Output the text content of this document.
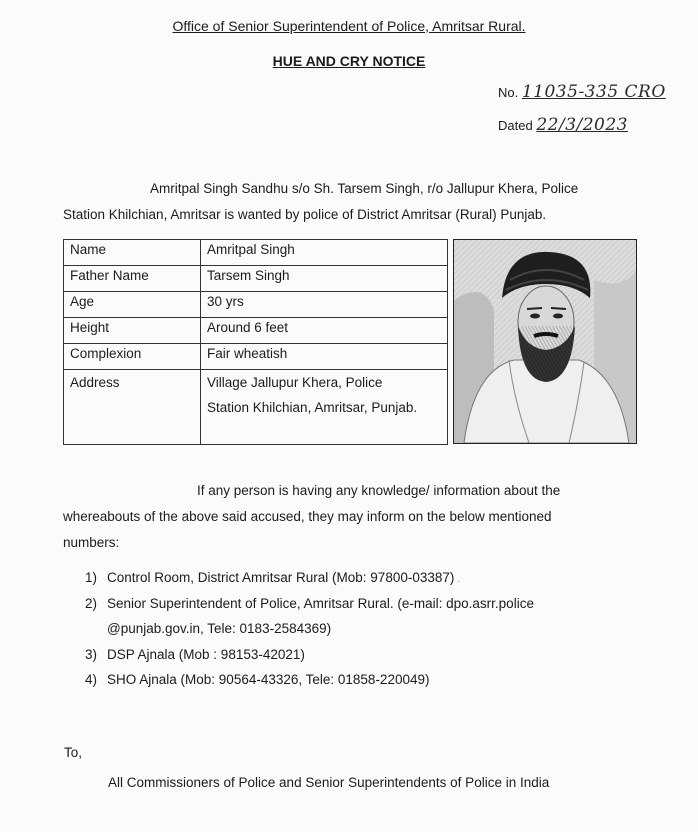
Office of Senior Superintendent of Police, Amritsar Rural.
HUE AND CRY NOTICE
No. 11035-335 CRO
Dated 22/3/2023
Amritpal Singh Sandhu s/o Sh. Tarsem Singh, r/o Jallupur Khera, Police
Station Khilchian, Amritsar is wanted by police of District Amritsar (Rural) Punjab.
Name	Amritpal Singh
Father Name	Tarsem Singh
Age	30 yrs
Height	Around 6 feet
Complexion	Fair wheatish
Address	Village Jallupur Khera, Police
Station Khilchian, Amritsar, Punjab.
If any person is having any knowledge/ information about the
whereabouts of the above said accused, they may inform on the below mentioned
numbers:
1) Control Room, District Amritsar Rural (Mob: 97800-03387) .
2) Senior Superintendent of Police, Amritsar Rural. (e-mail: dpo.asrr.police
@punjab.gov.in, Tele: 0183-2584369)
3) DSP Ajnala (Mob : 98153-42021)
4) SHO Ajnala (Mob: 90564-43326, Tele: 01858-220049)
To,
All Commissioners of Police and Senior Superintendents of Police in India
